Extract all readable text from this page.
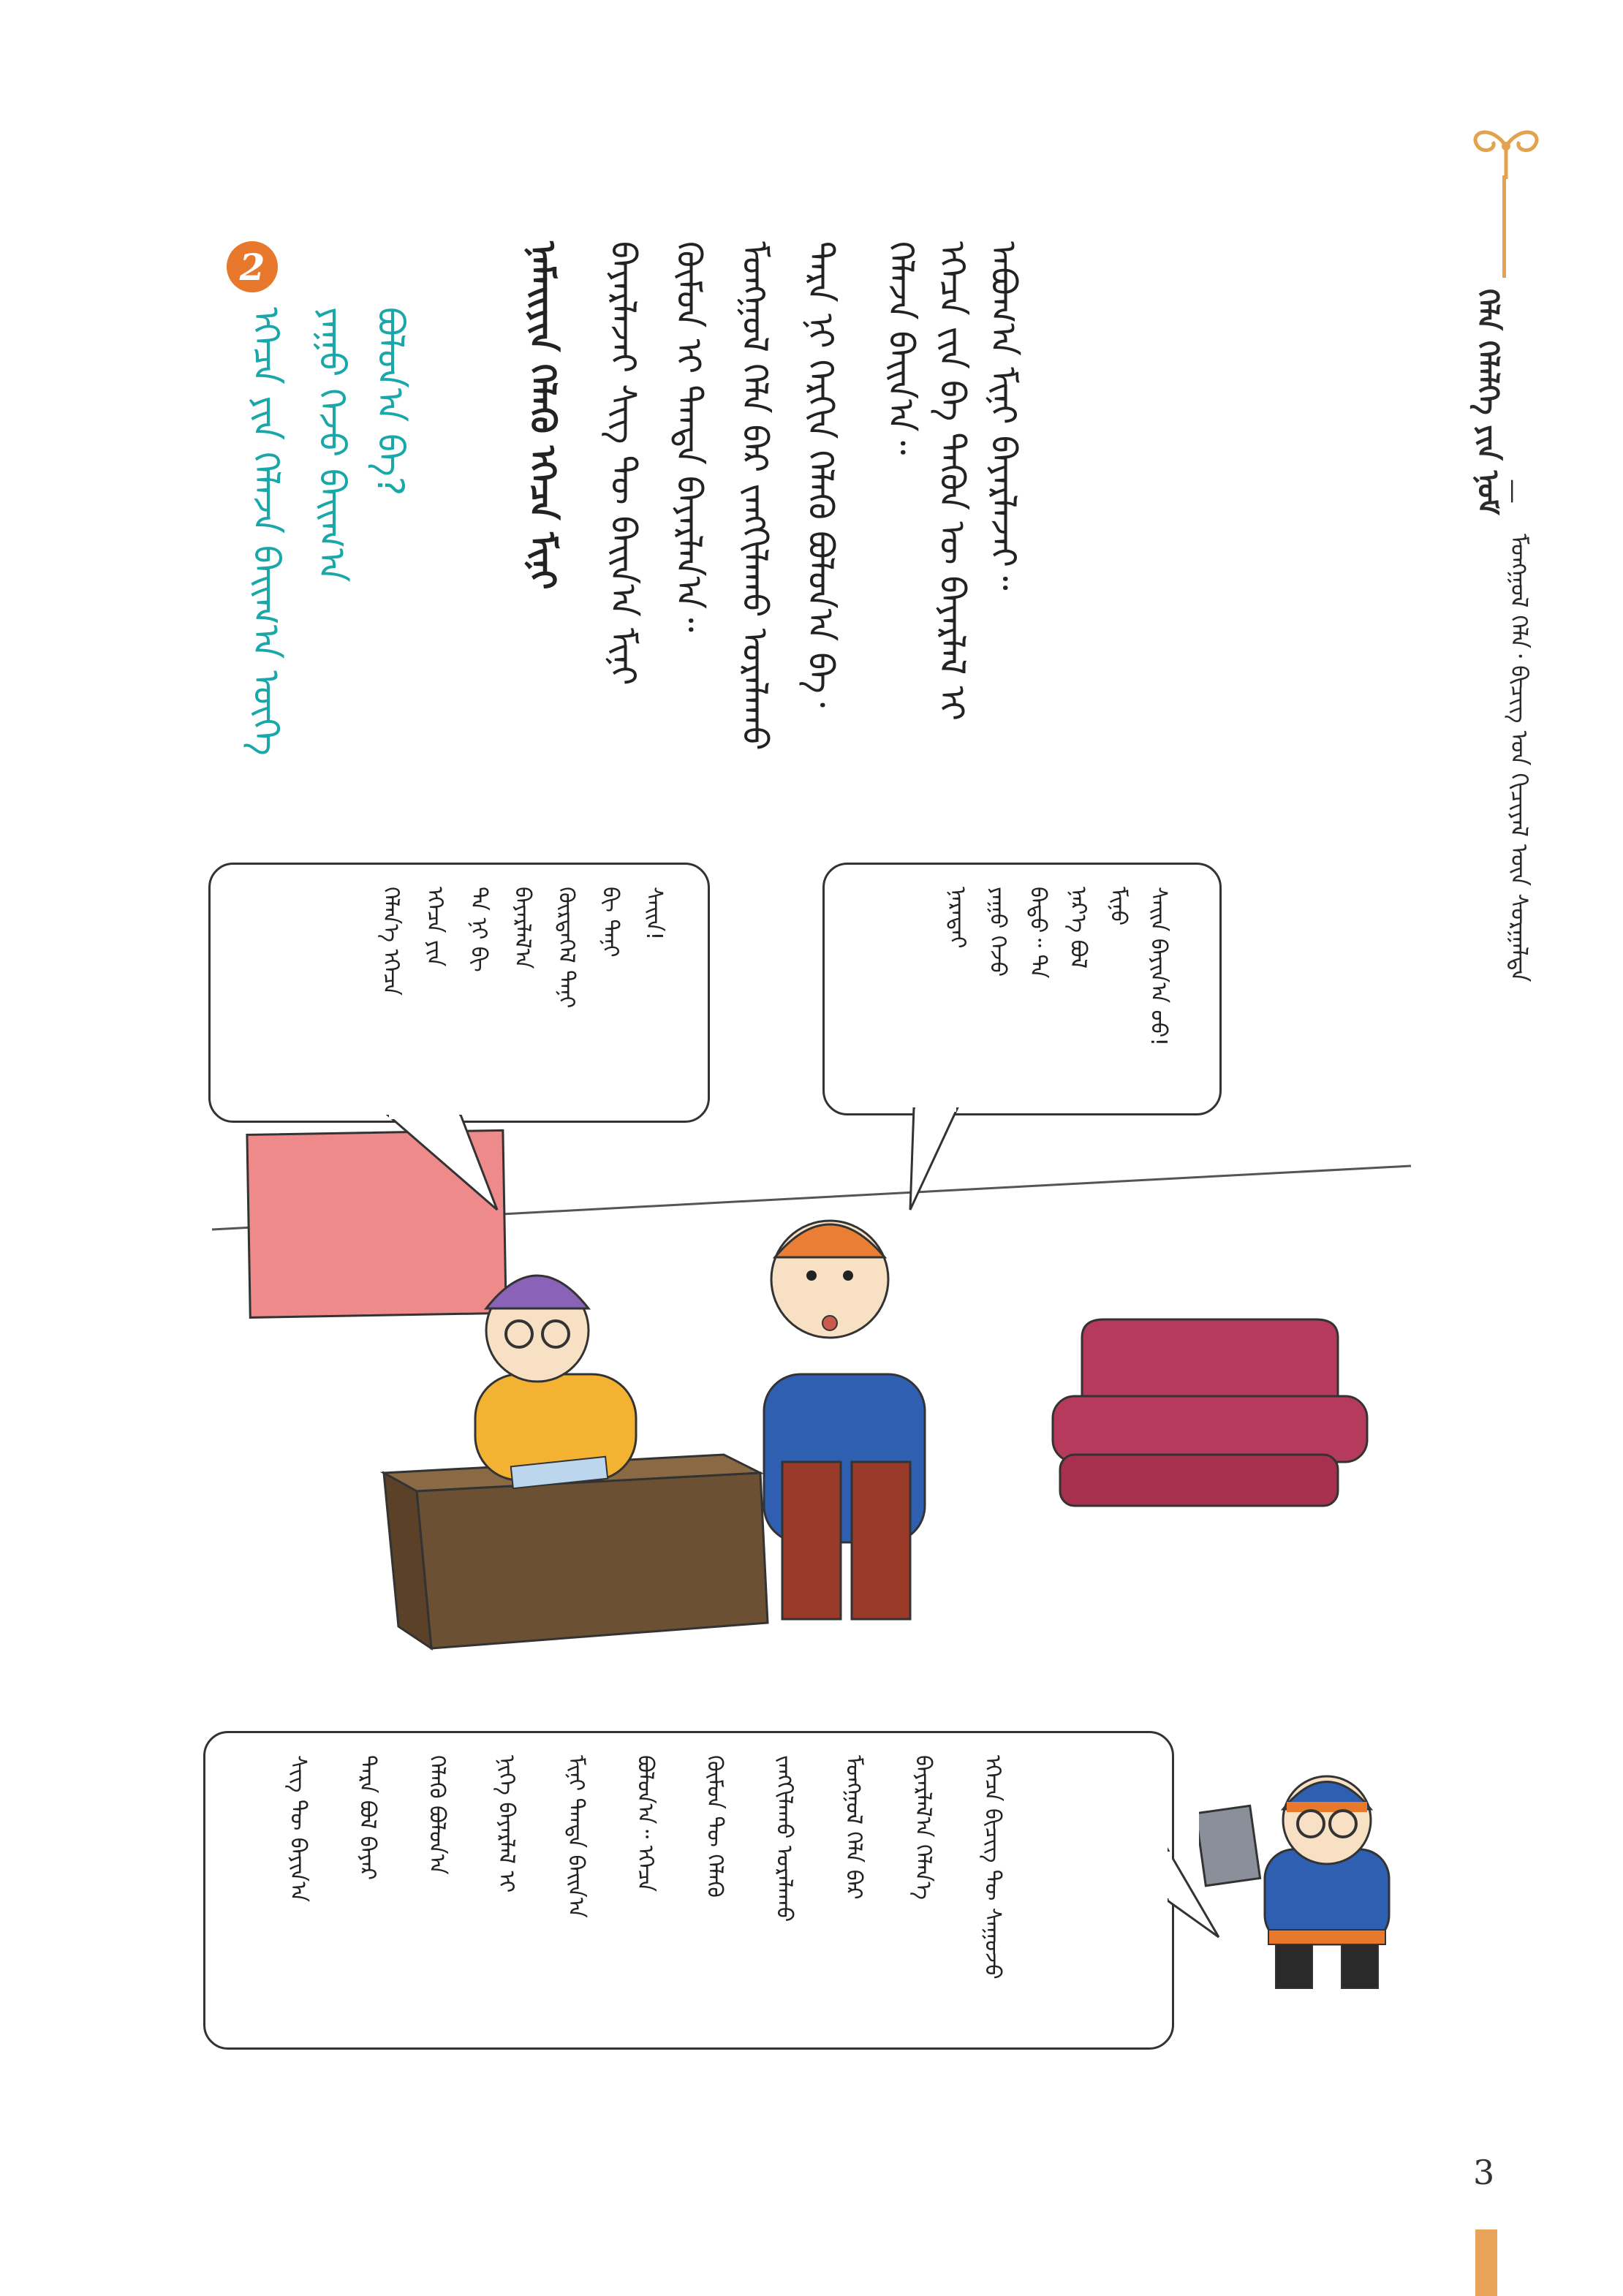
ᠬᠡᠯᠡ ᠬᠡᠯᠡᠯᠭᠡ ᠶᠢᠨ ᠨᠣᠮ
—
ᠮᠣᠩᠭᠣᠯ ᠬᠡᠯᠡ᠂ ᠪᠢᠴᠢᠭ ᠤᠨ ᠬᠢᠴᠢᠶᠡᠯ ᠦᠨ ᠰᠤᠷᠭᠠᠯᠲᠠ
ᠠᠪᠤᠭ᠎ᠠ ᠮᠢᠨᠢ ᠪᠠᠶᠠᠷᠯᠠᠵᠠᠢ᠃
ᠡᠭᠡᠴᠡ ᠵᠢᠨ ᠪᠡ ᠲᠡᠭᠦᠨ ᠦ ᠪᠠᠶᠠᠷᠯᠠᠯ ᠢ
ᠬᠡᠯᠡᠵᠡ ᠪᠠᠢᠨ᠎ᠠ᠃
ᠲᠡᠷᠡ ᠨᠢ ᠬᠡᠷᠬᠢᠨ ᠬᠡᠯᠡᠬᠦ ᠪᠣᠯᠣᠨ᠎ᠠ ᠪᠡ᠂
ᠮᠣᠩᠭᠣᠯ ᠬᠡᠯᠡ ᠪᠡᠷ ᠵᠠᠩᠭᠢᠯᠠᠬᠤ ᠤᠷᠠᠯᠠᠬᠤ
ᠬᠦᠮᠦᠨ ᠢ ᠲᠡᠨᠳᠡ ᠪᠠᠶᠠᠷᠯᠠᠨ᠎ᠠ᠃
ᠪᠠᠶᠠᠷᠯᠠᠵᠠᠢ ᠰᠢᠭ ᠲᠦ ᠪᠠᠢᠨ᠎ᠠ ᠮᠢᠨᠢ
ᠨᠠᠮᠠᠢᠶᠢᠨ ᠬᠡᠯᠡᠬᠦ ᠡᠭᠡᠴᠡ ᠮᠢᠨᠢ
2
ᠡᠭᠡᠴᠡ ᠶᠢᠨ ᠬᠡᠯᠡᠵᠡ ᠪᠠᠢᠭ᠎ᠠ ᠦᠭᠡ ᠶᠠᠭᠤ ᠭᠡᠵᠦ ᠪᠠᠢᠭ᠎ᠠ ᠪᠣᠯᠣᠨ᠎ᠠ ᠪᠡ?
ᠰᠠᠢᠨ ᠪᠠᠶᠢᠨ᠎ᠠ ᠤᠤ!
ᠮᠢᠨᠦ
ᠨᠡᠷ᠎ᠡ ᠪᠣᠯ
ᠪᠠᠲᠤ᠃ ᠲᠠ
ᠶᠠᠭᠤ ᠭᠡᠵᠦ
ᠨᠡᠷᠡᠲᠡᠢ
ᠰᠠᠢᠨ!
ᠪᠢ ᠲᠠᠨᠢ
ᠬᠦᠷᠲᠡᠭᠡᠯ ᠲᠠᠨᠢ
ᠪᠠᠶᠠᠷᠯᠠᠯ᠎ᠠ
ᠲᠠ ᠨᠢ ᠪᠢ
ᠡᠭᠡᠴᠡ ᠶᠢᠨ
ᠬᠡᠯᠡᠨ᠎ᠡ ᠡᠭᠡᠴᠡ
ᠡᠭᠡᠴᠡ ᠪᠢᠴᠢᠭ ᠲᠦ ᠰᠠᠭᠤᠵᠤ
ᠪᠠᠶᠠᠷᠯᠠᠯ᠎ᠠ ᠬᠡᠯᠡᠨ᠎ᠡ
ᠮᠣᠩᠭᠣᠯ ᠬᠡᠯᠡ ᠪᠡᠷ
ᠵᠠᠩᠭᠢᠯᠠᠬᠤ ᠤᠷᠠᠯᠠᠬᠤ
ᠬᠦᠮᠦᠨ ᠲᠦ ᠬᠡᠯᠡᠬᠦ
ᠪᠣᠯᠣᠨ᠎ᠠ᠃ ᠡᠭᠡᠴᠡ
ᠮᠢᠨᠢ ᠲᠡᠨᠳᠡ ᠪᠠᠢᠨ᠎ᠠ
ᠨᠢᠭᠡ ᠪᠠᠶᠠᠷᠯᠠᠯ ᠢ
ᠬᠡᠯᠡᠬᠦ ᠪᠣᠯᠣᠨ᠎ᠠ
ᠲᠡᠷᠡ ᠪᠣᠯ ᠪᠠᠶᠠᠷ
ᠰᠢᠭ ᠲᠦ ᠪᠠᠶᠢᠨ᠎ᠠ
3
